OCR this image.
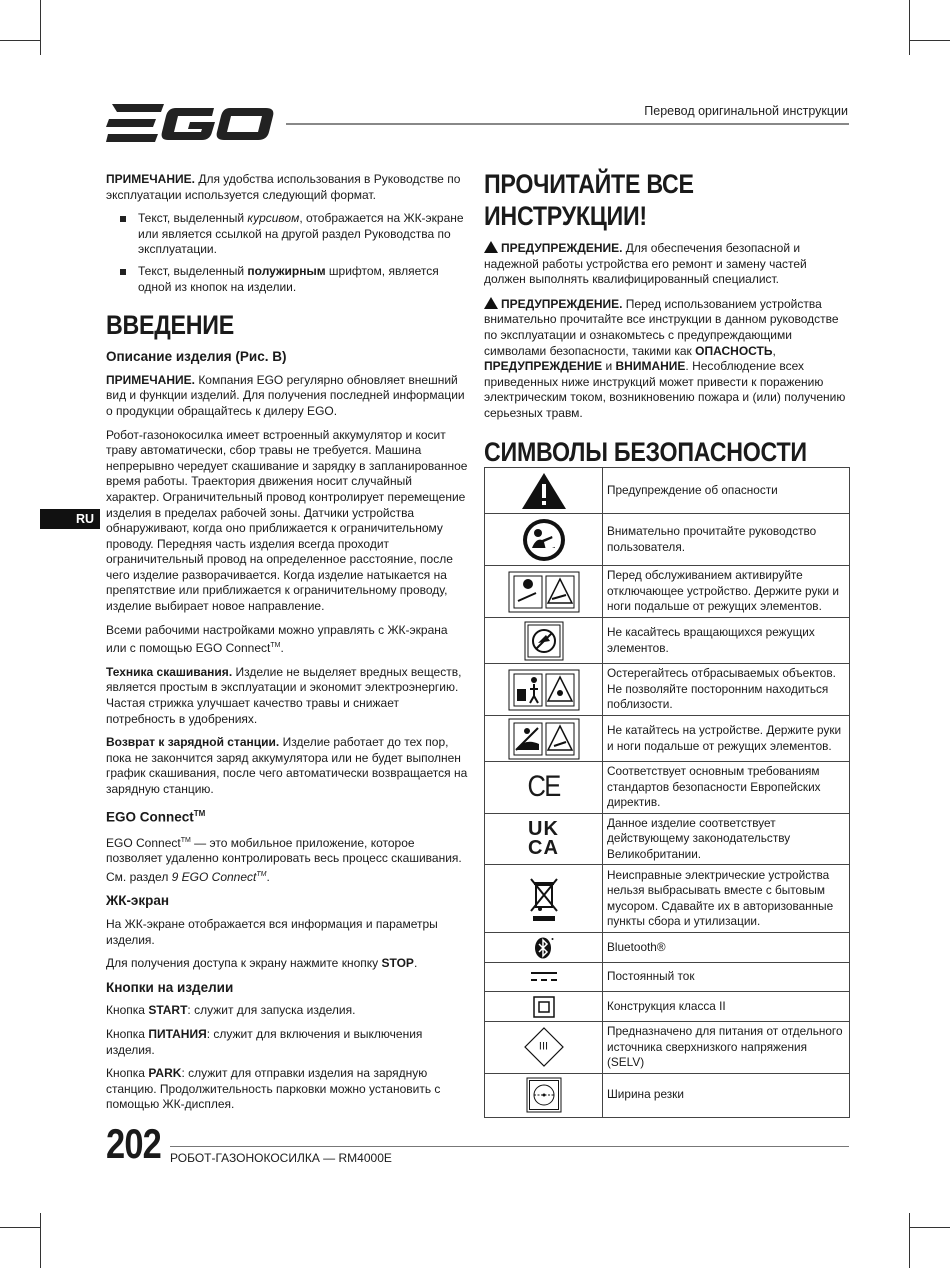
Перевод оригинальной инструкции
RU

ПРИМЕЧАНИЕ. Для удобства использования в Руководстве по эксплуатации используется следующий формат.

Текст, выделенный курсивом, отображается на ЖК-экране или является ссылкой на другой раздел Руководства по эксплуатации.
Текст, выделенный полужирным шрифтом, является одной из кнопок на изделии.
ВВЕДЕНИЕ
Описание изделия (Рис. B)

ПРИМЕЧАНИЕ. Компания EGO регулярно обновляет внешний вид и функции изделий. Для получения последней информации о продукции обращайтесь к дилеру EGO.

Робот-газонокосилка имеет встроенный аккумулятор и косит траву автоматически, сбор травы не требуется. Машина непрерывно чередует скашивание и зарядку в запланированное время работы. Траектория движения носит случайный характер. Ограничительный провод контролирует перемещение изделия в пределах рабочей зоны. Датчики устройства обнаруживают, когда оно приближается к ограничительному проводу. Передняя часть изделия всегда проходит ограничительный провод на определенное расстояние, после чего изделие разворачивается. Когда изделие натыкается на препятствие или приближается к ограничительному проводу, изделие выбирает новое направление.

Всеми рабочими настройками можно управлять с ЖК-экрана или с помощью EGO Connect™.

Техника скашивания. Изделие не выделяет вредных веществ, является простым в эксплуатации и экономит электроэнергию. Частая стрижка улучшает качество травы и снижает потребность в удобрениях.

Возврат к зарядной станции. Изделие работает до тех пор, пока не закончится заряд аккумулятора или не будет выполнен график скашивания, после чего автоматически возвращается на зарядную станцию.

EGO Connect™

EGO Connect™ — это мобильное приложение, которое позволяет удаленно контролировать весь процесс скашивания. См. раздел 9 EGO Connect™.

ЖК-экран

На ЖК-экране отображается вся информация и параметры изделия.

Для получения доступа к экрану нажмите кнопку STOP.

Кнопки на изделии

Кнопка START: служит для запуска изделия.

Кнопка ПИТАНИЯ: служит для включения и выключения изделия.

Кнопка PARK: служит для отправки изделия на зарядную станцию. Продолжительность парковки можно установить с помощью ЖК-дисплея.

ПРОЧИТАЙТЕ ВСЕ
ИНСТРУКЦИИ!

ПРЕДУПРЕЖДЕНИЕ. Для обеспечения безопасной и надежной работы устройства его ремонт и замену частей должен выполнять квалифицированный специалист.

ПРЕДУПРЕЖДЕНИЕ. Перед использованием устройства внимательно прочитайте все инструкции в данном руководстве по эксплуатации и ознакомьтесь с предупреждающими символами безопасности, такими как ОПАСНОСТЬ, ПРЕДУПРЕЖДЕНИЕ и ВНИМАНИЕ. Несоблюдение всех приведенных ниже инструкций может привести к поражению электрическим током, возникновению пожара и (или) получению серьезных травм.

СИМВОЛЫ БЕЗОПАСНОСТИ
	Предупреждение об опасности

	Внимательно прочитайте руководство пользователя.

	Перед обслуживанием активируйте отключающее устройство. Держите руки и ноги подальше от режущих элементов.

	Не касайтесь вращающихся режущих элементов.

	Остерегайтесь отбрасываемых объектов. Не позволяйте посторонним находиться поблизости.

	Не катайтесь на устройстве. Держите руки и ноги подальше от режущих элементов.

CE	Соответствует основным требованиям стандартов безопасности Европейских директив.

UK
CA	Данное изделие соответствует действующему законодательству Великобритании.

	Неисправные электрические устройства нельзя выбрасывать вместе с бытовым мусором. Сдавайте их в авторизованные пункты сбора и утилизации.

	Bluetooth®

	Постоянный ток

	Конструкция класса II

III	Предназначено для питания от отдельного источника сверхнизкого напряжения (SELV)

	Ширина резки
202 РОБОТ-ГАЗОНОКОСИЛКА — RM4000E
